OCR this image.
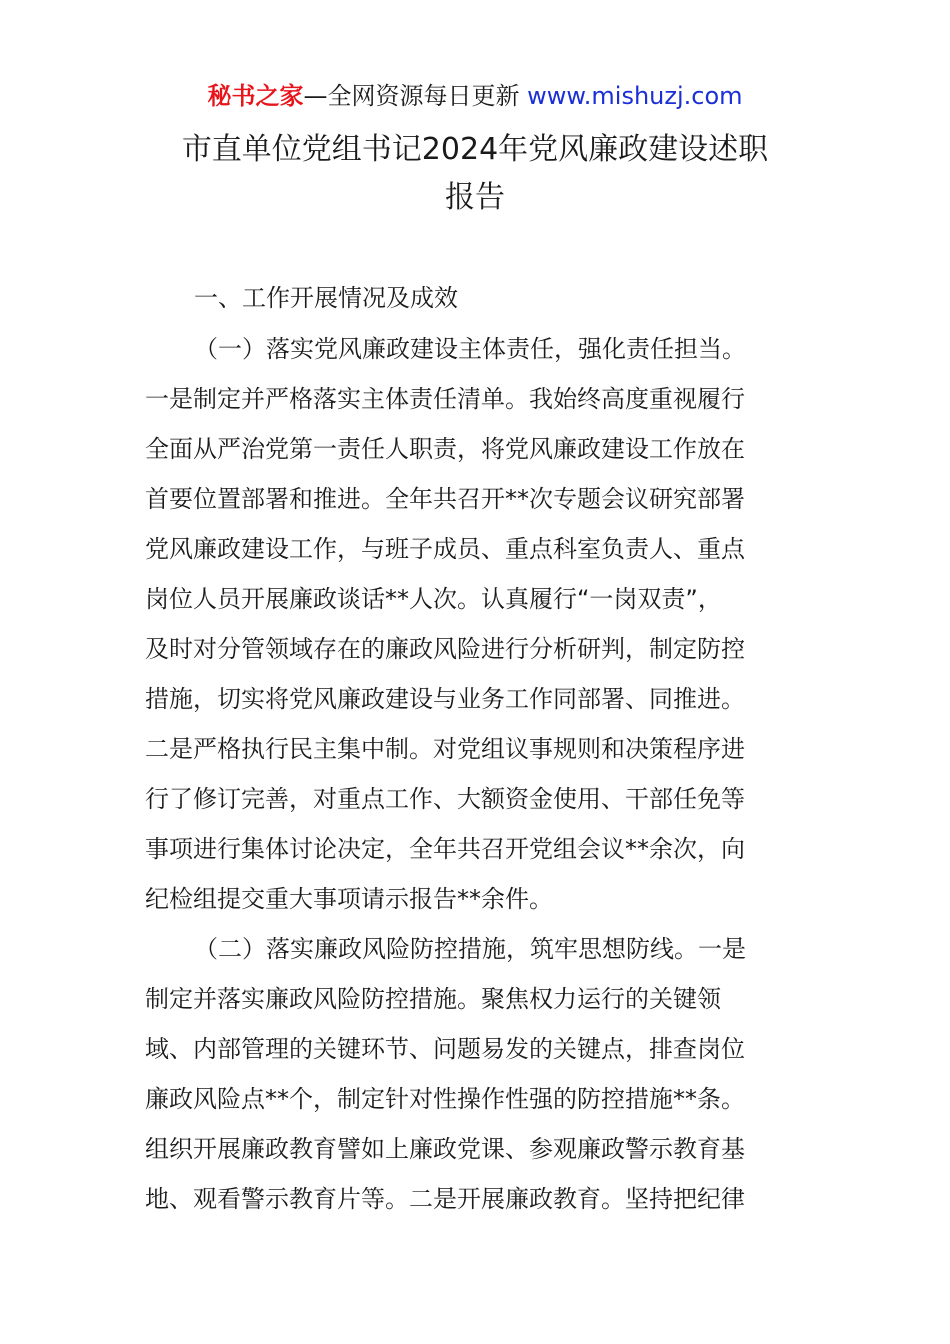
秘书之家—全网资源每日更新 www.mishuzj.com
市直单位党组书记2024年党风廉政建设述职
报告
一、工作开展情况及成效
（一）落实党风廉政建设主体责任，强化责任担当。
一是制定并严格落实主体责任清单。我始终高度重视履行
全面从严治党第一责任人职责，将党风廉政建设工作放在
首要位置部署和推进。全年共召开**次专题会议研究部署
党风廉政建设工作，与班子成员、重点科室负责人、重点
岗位人员开展廉政谈话**人次。认真履行“一岗双责”，
及时对分管领域存在的廉政风险进行分析研判，制定防控
措施，切实将党风廉政建设与业务工作同部署、同推进。
二是严格执行民主集中制。对党组议事规则和决策程序进
行了修订完善，对重点工作、大额资金使用、干部任免等
事项进行集体讨论决定，全年共召开党组会议**余次，向
纪检组提交重大事项请示报告**余件。
（二）落实廉政风险防控措施，筑牢思想防线。一是
制定并落实廉政风险防控措施。聚焦权力运行的关键领
域、内部管理的关键环节、问题易发的关键点，排查岗位
廉政风险点**个，制定针对性操作性强的防控措施**条。
组织开展廉政教育譬如上廉政党课、参观廉政警示教育基
地、观看警示教育片等。二是开展廉政教育。坚持把纪律
